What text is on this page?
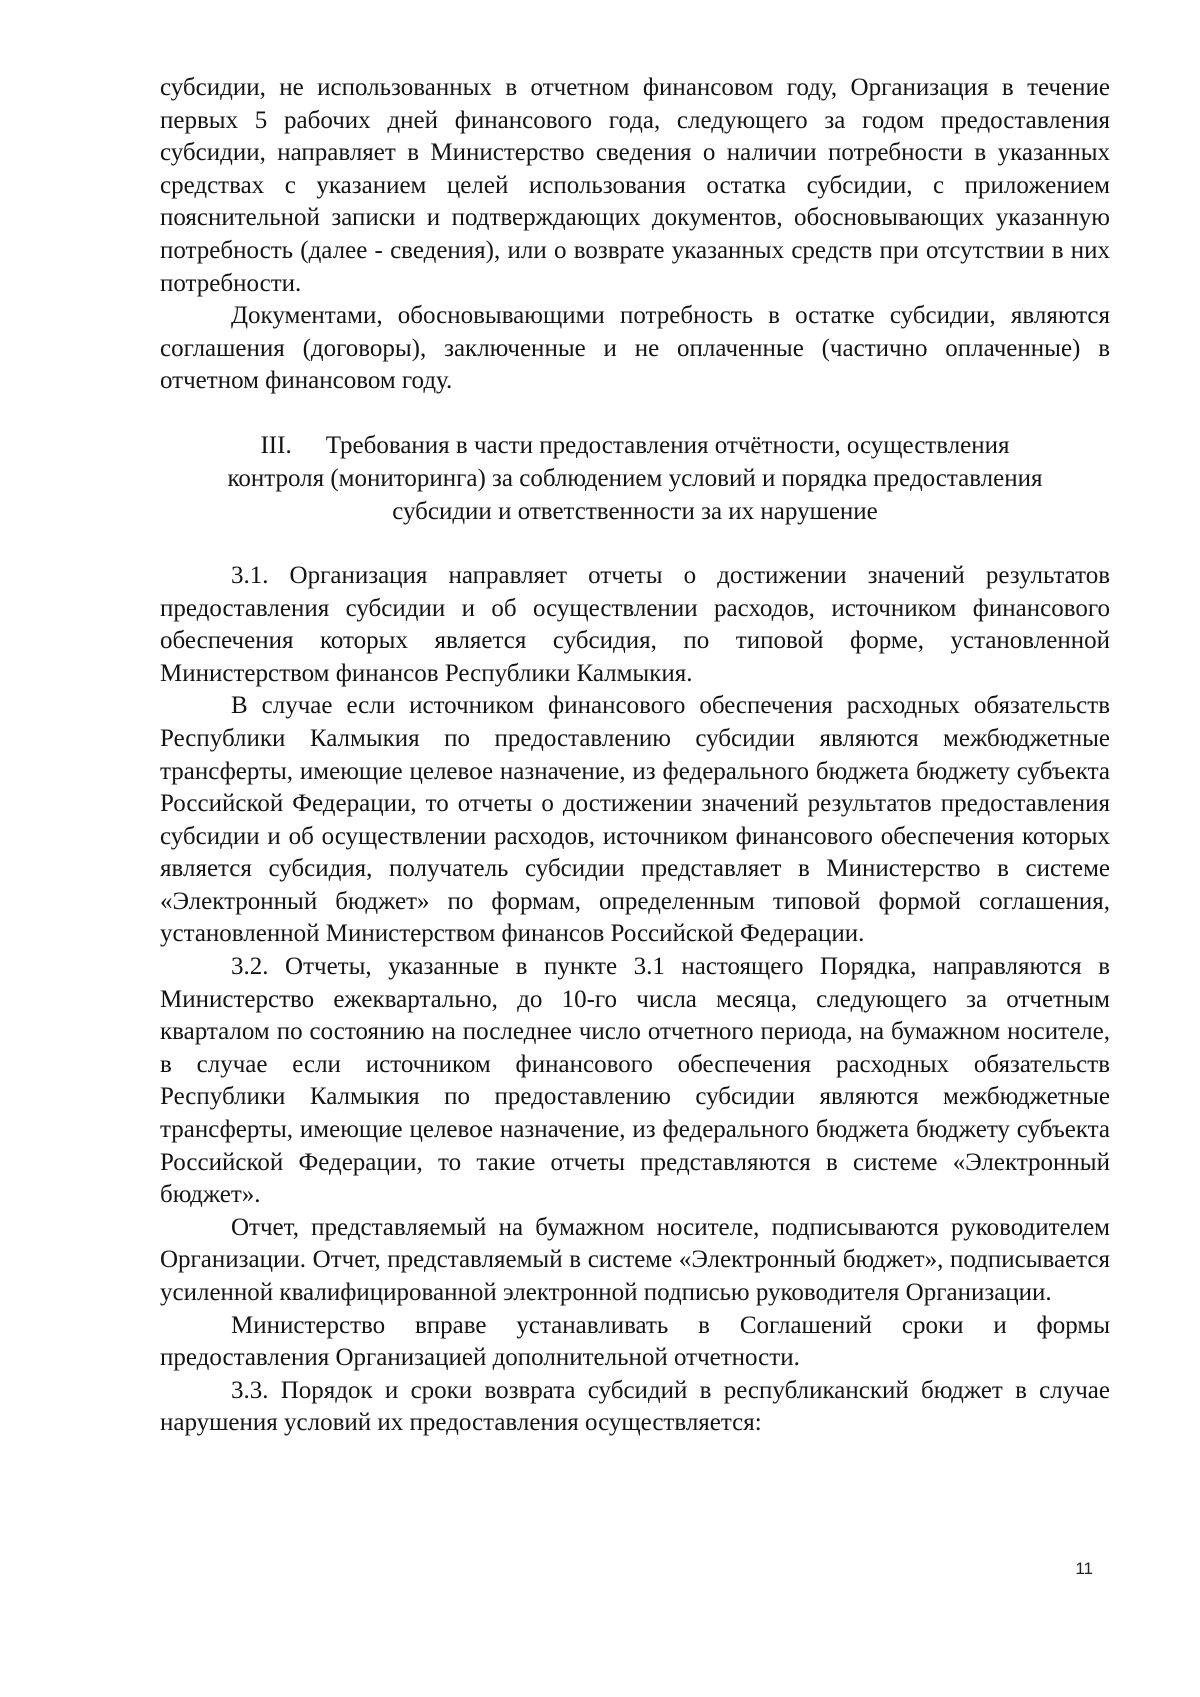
субсидии, не использованных в отчетном финансовом году, Организация в течение первых 5 рабочих дней финансового года, следующего за годом предоставления субсидии, направляет в Министерство сведения о наличии потребности в указанных средствах с указанием целей использования остатка субсидии, с приложением пояснительной записки и подтверждающих документов, обосновывающих указанную потребность (далее - сведения), или о возврате указанных средств при отсутствии в них потребности.

Документами, обосновывающими потребность в остатке субсидии, являются соглашения (договоры), заключенные и не оплаченные (частично оплаченные) в отчетном финансовом году.

III. Требования в части предоставления отчётности, осуществления
контроля (мониторинга) за соблюдением условий и порядка предоставления
субсидии и ответственности за их нарушение

3.1. Организация направляет отчеты о достижении значений результатов предоставления субсидии и об осуществлении расходов, источником финансового обеспечения которых является субсидия, по типовой форме, установленной Министерством финансов Республики Калмыкия.

В случае если источником финансового обеспечения расходных обязательств Республики Калмыкия по предоставлению субсидии являются межбюджетные трансферты, имеющие целевое назначение, из федерального бюджета бюджету субъекта Российской Федерации, то отчеты о достижении значений результатов предоставления субсидии и об осуществлении расходов, источником финансового обеспечения которых является субсидия, получатель субсидии представляет в Министерство в системе «Электронный бюджет» по формам, определенным типовой формой соглашения, установленной Министерством финансов Российской Федерации.

3.2. Отчеты, указанные в пункте 3.1 настоящего Порядка, направляются в Министерство ежеквартально, до 10-го числа месяца, следующего за отчетным кварталом по состоянию на последнее число отчетного периода, на бумажном носителе, в случае если источником финансового обеспечения расходных обязательств Республики Калмыкия по предоставлению субсидии являются межбюджетные трансферты, имеющие целевое назначение, из федерального бюджета бюджету субъекта Российской Федерации, то такие отчеты представляются в системе «Электронный бюджет».

Отчет, представляемый на бумажном носителе, подписываются руководителем Организации. Отчет, представляемый в системе «Электронный бюджет», подписывается усиленной квалифицированной электронной подписью руководителя Организации.

Министерство вправе устанавливать в Соглашений сроки и формы предоставления Организацией дополнительной отчетности.

3.3. Порядок и сроки возврата субсидий в республиканский бюджет в случае нарушения условий их предоставления осуществляется:

11
